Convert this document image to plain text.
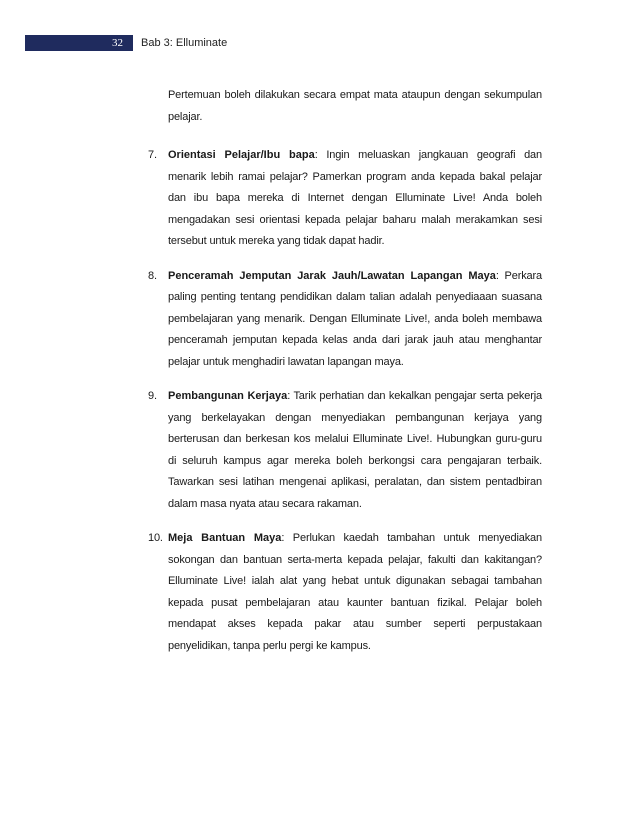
32 Bab 3: Elluminate

Pertemuan boleh dilakukan secara empat mata ataupun dengan sekumpulan pelajar.

7. Orientasi Pelajar/Ibu bapa: Ingin meluaskan jangkauan geografi dan menarik lebih ramai pelajar? Pamerkan program anda kepada bakal pelajar dan ibu bapa mereka di Internet dengan Elluminate Live! Anda boleh mengadakan sesi orientasi kepada pelajar baharu malah merakamkan sesi tersebut untuk mereka yang tidak dapat hadir.
8. Penceramah Jemputan Jarak Jauh/Lawatan Lapangan Maya: Perkara paling penting tentang pendidikan dalam talian adalah penyediaaan suasana pembelajaran yang menarik. Dengan Elluminate Live!, anda boleh membawa penceramah jemputan kepada kelas anda dari jarak jauh atau menghantar pelajar untuk menghadiri lawatan lapangan maya.
9. Pembangunan Kerjaya: Tarik perhatian dan kekalkan pengajar serta pekerja yang berkelayakan dengan menyediakan pembangunan kerjaya yang berterusan dan berkesan kos melalui Elluminate Live!. Hubungkan guru-guru di seluruh kampus agar mereka boleh berkongsi cara pengajaran terbaik. Tawarkan sesi latihan mengenai aplikasi, peralatan, dan sistem pentadbiran dalam masa nyata atau secara rakaman.
10. Meja Bantuan Maya: Perlukan kaedah tambahan untuk menyediakan sokongan dan bantuan serta-merta kepada pelajar, fakulti dan kakitangan? Elluminate Live! ialah alat yang hebat untuk digunakan sebagai tambahan kepada pusat pembelajaran atau kaunter bantuan fizikal. Pelajar boleh mendapat akses kepada pakar atau sumber seperti perpustakaan penyelidikan, tanpa perlu pergi ke kampus.
